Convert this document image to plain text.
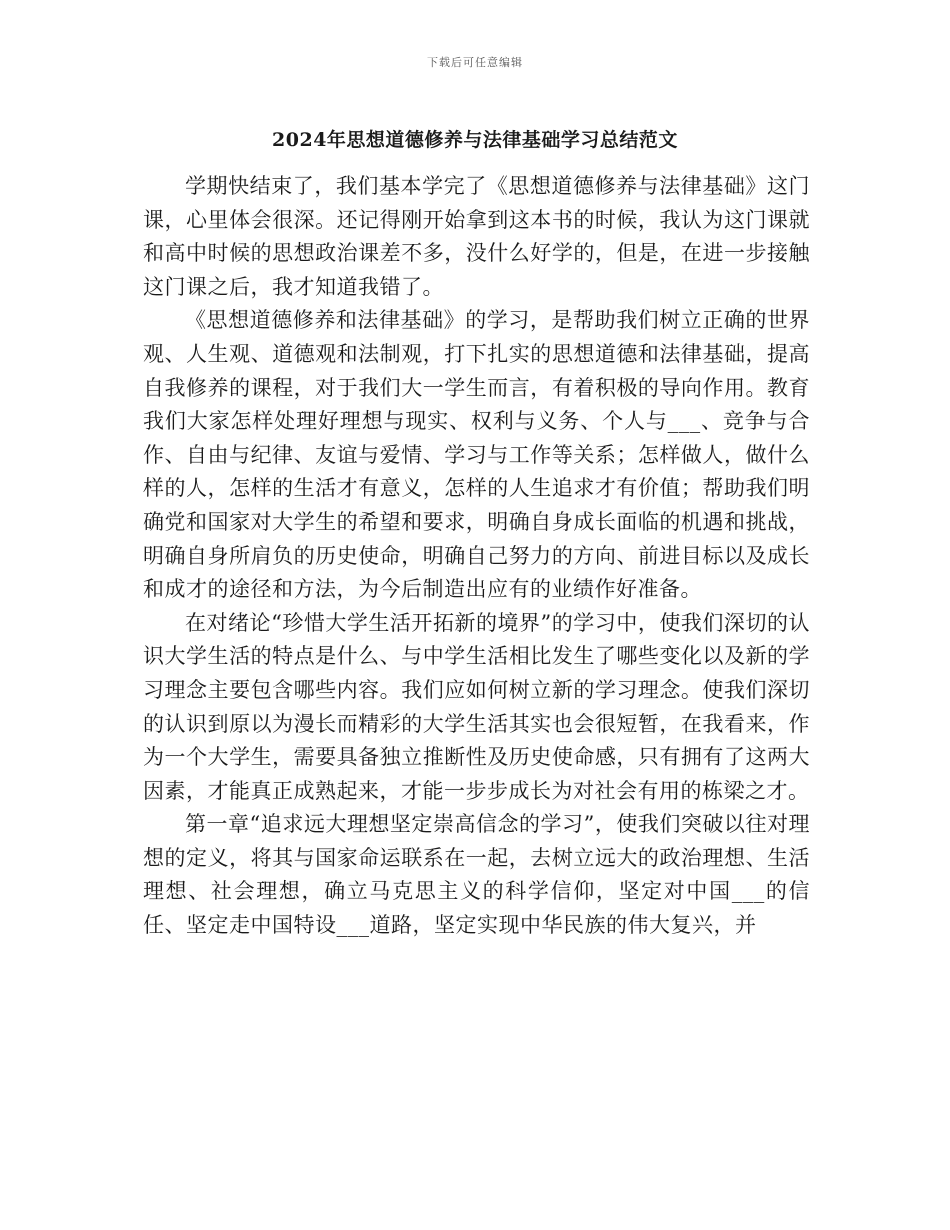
下载后可任意编辑
2024年思想道德修养与法律基础学习总结范文

学期快结束了，我们基本学完了《思想道德修养与法律基础》这门课，心里体会很深。还记得刚开始拿到这本书的时候，我认为这门课就和高中时候的思想政治课差不多，没什么好学的，但是，在进一步接触这门课之后，我才知道我错了。

《思想道德修养和法律基础》的学习，是帮助我们树立正确的世界观、人生观、道德观和法制观，打下扎实的思想道德和法律基础，提高自我修养的课程，对于我们大一学生而言，有着积极的导向作用。教育我们大家怎样处理好理想与现实、权利与义务、个人与___、竞争与合作、自由与纪律、友谊与爱情、学习与工作等关系；怎样做人，做什么样的人，怎样的生活才有意义，怎样的人生追求才有价值；帮助我们明确党和国家对大学生的希望和要求，明确自身成长面临的机遇和挑战，明确自身所肩负的历史使命，明确自己努力的方向、前进目标以及成长和成才的途径和方法，为今后制造出应有的业绩作好准备。

在对绪论“珍惜大学生活开拓新的境界”的学习中，使我们深切的认识大学生活的特点是什么、与中学生活相比发生了哪些变化以及新的学习理念主要包含哪些内容。我们应如何树立新的学习理念。使我们深切的认识到原以为漫长而精彩的大学生活其实也会很短暂，在我看来，作为一个大学生，需要具备独立推断性及历史使命感，只有拥有了这两大因素，才能真正成熟起来，才能一步步成长为对社会有用的栋梁之才。

第一章“追求远大理想坚定崇高信念的学习”，使我们突破以往对理想的定义，将其与国家命运联系在一起，去树立远大的政治理想、生活理想、社会理想，确立马克思主义的科学信仰，坚定对中国___的信任、坚定走中国特设___道路，坚定实现中华民族的伟大复兴，并
